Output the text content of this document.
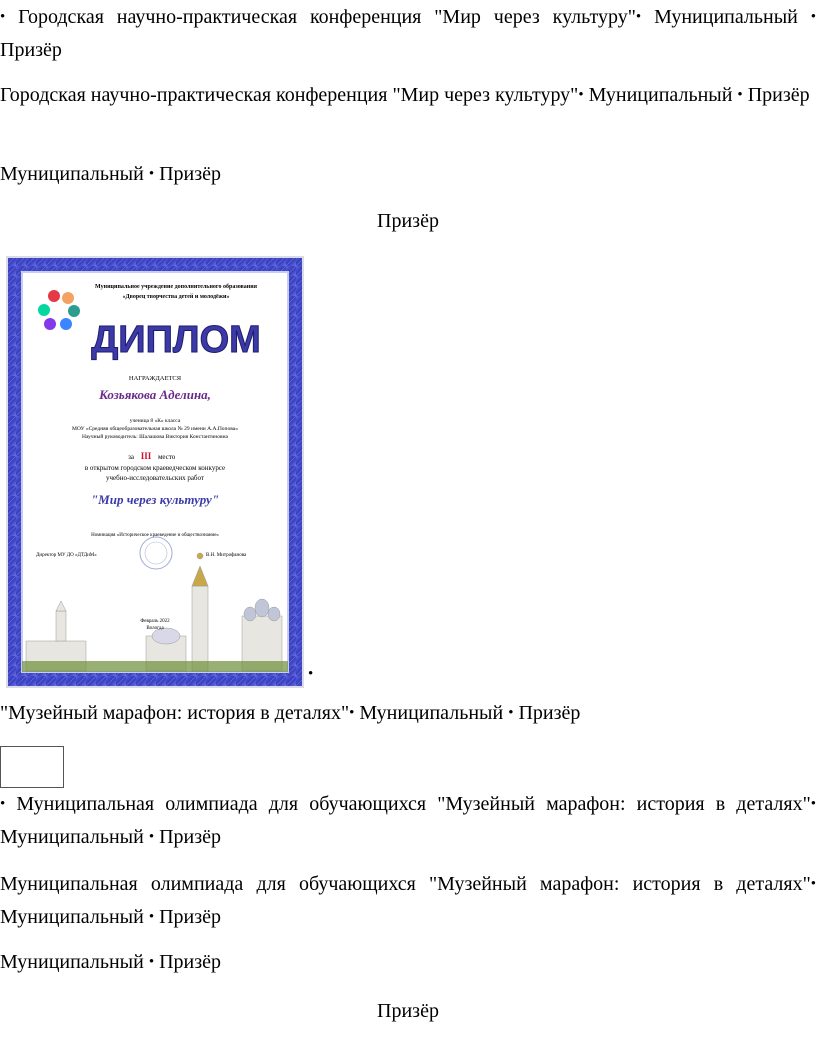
• Городская научно-практическая конференция "Мир через культуру"• Муниципальный • Призёр
Городская научно-практическая конференция "Мир через культуру"• Муниципальный • Призёр
Муниципальный • Призёр
Призёр
Муниципальное учреждение дополнительного образования
«Дворец творчества детей и молодёжи»
ДИПЛОМ
НАГРАЖДАЕТСЯ
Козьякова Аделина,
ученица 8 «К» класса
МОУ «Средняя общеобразовательная школа № 29 имени А.А.Попова»
Научный руководитель: Шалашова Виктория Константиновна
за III место
в открытом городском краеведческом конкурсе
учебно-исследовательских работ
"Мир через культуру"
Номинация «Историческое краеведение и обществознание»
Директор МУ ДО «ДТДиМ»	В.Н. Митрофанова
Февраль 2022
Вологда
•
"Музейный марафон: история в деталях"• Муниципальный • Призёр
• Муниципальная олимпиада для обучающихся "Музейный марафон: история в деталях"• Муниципальный • Призёр
Муниципальная олимпиада для обучающихся "Музейный марафон: история в деталях"• Муниципальный • Призёр
Муниципальный • Призёр
Призёр
